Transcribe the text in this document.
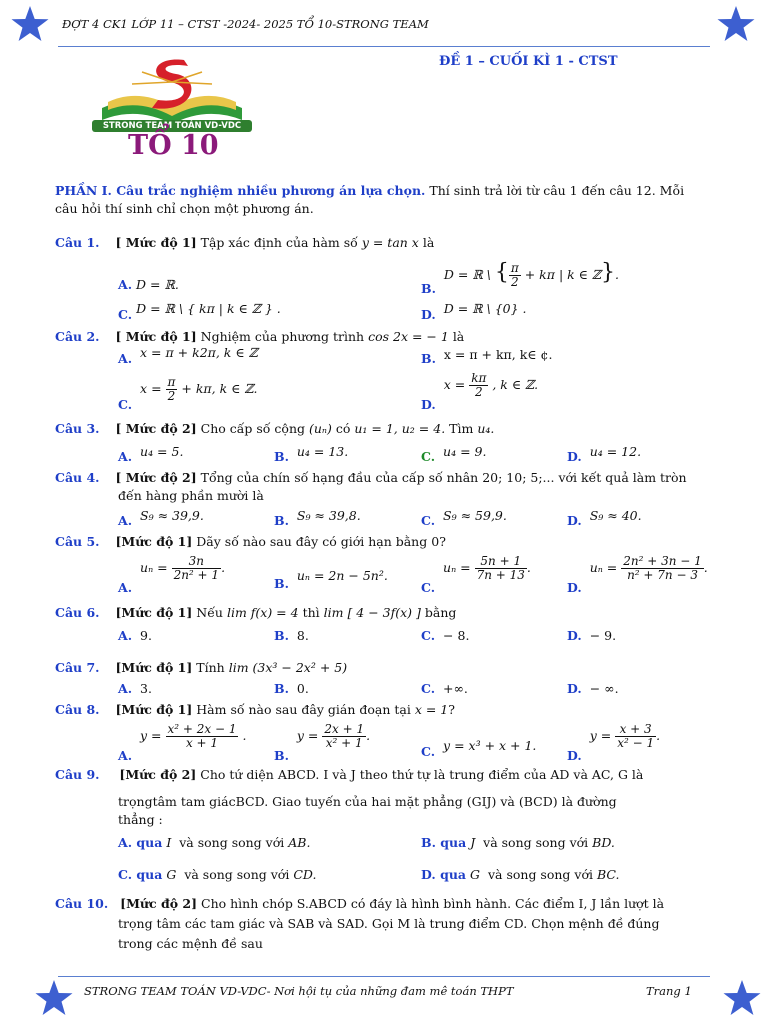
ĐỢT 4 CK1 LỚP 11 – CTST -2024- 2025 TỔ 10-STRONG TEAM
STRONG TEAM TOÁN VD-VDC
TỔ 10
ĐỀ 1 – CUỐI KÌ 1 - CTST
PHẦN I. Câu trắc nghiệm nhiều phương án lựa chọn. Thí sinh trả lời từ câu 1 đến câu 12. Mỗi
câu hỏi thí sinh chỉ chọn một phương án.
Câu 1. [ Mức độ 1] Tập xác định của hàm số y = tan x là
A. D = ℝ.	B.  D = ℝ \ { $\frac{\pi}{2} + k\pi$ | k ∈ ℤ}.
C. D = ℝ \ { kπ | k ∈ ℤ } .	D. D = ℝ \ {0} .
Câu 2. [ Mức độ 1] Nghiệm của phương trình cos 2x = − 1 là
A. x = π + k2π, k ∈ ℤ	B. x = π + kπ, k∈ ¢.
C.  $x = \frac{\pi}{2} + k\pi$, k ∈ ℤ.
D.  $x = \frac{k\pi}{2}$ , k ∈ ℤ.
Câu 3. [ Mức độ 2] Cho cấp số cộng (uₙ) có u₁ = 1, u₂ = 4. Tìm u₄.
A. u₄ = 5.	B. u₄ = 13.	C. u₄ = 9.	D. u₄ = 12.
Câu 4. [ Mức độ 2] Tổng của chín số hạng đầu của cấp số nhân 20; 10; 5;... với kết quả làm tròn
đến hàng phần mười là
A. S₉ ≈ 39,9.	B. S₉ ≈ 39,8.	C. S₉ ≈ 59,9.	D. S₉ ≈ 40.
Câu 5. [Mức độ 1] Dãy số nào sau đây có giới hạn bằng 0?
A.  $u_n = \frac{3n}{\text{2n² + 1}}$ .
B.  uₙ = 2n − 5n².
C.  $u_n = \frac{5n + 1}{7n + 13}$ .
D.  $u_n = \frac{\text{2n² + 3n − 1}}{\text{n² + 7n − 3}}$ .
Câu 6. [Mức độ 1] Nếu lim f(x) = 4 thì lim [ 4 − 3f(x) ] bằng
A. 9.	B. 8.	C. − 8.	D. − 9.
Câu 7. [Mức độ 1] Tính lim (3x³ − 2x² + 5)
A. 3.	B. 0.	C. +∞.	D. − ∞.
Câu 8. [Mức độ 1] Hàm số nào sau đây gián đoạn tại x = 1?
A.  $y = \frac{\text{x² + 2x − 1}}{x + 1}$ .
B.  $y = \frac{2x + 1}{\text{x² + 1}}$ .
C. y = x³ + x + 1.
D.  $y = \frac{x + 3}{\text{x² − 1}}$ .
Câu 9. [Mức độ 2] Cho tứ diện ABCD. I và J theo thứ tự là trung điểm của AD và AC, G là
trọngtâm tam giácBCD. Giao tuyến của hai mặt phẳng (GIJ) và (BCD) là đường
thẳng :
A. qua I và song song với AB.	B. qua J và song song với BD.
C. qua G và song song với CD.	D. qua G và song song với BC.
Câu 10. [Mức độ 2] Cho hình chóp S.ABCD có đáy là hình bình hành. Các điểm I, J lần lượt là
trọng tâm các tam giác và SAB và SAD. Gọi M là trung điểm CD. Chọn mệnh đề đúng
trong các mệnh đề sau
STRONG TEAM TOÁN VD-VDC- Nơi hội tụ của những đam mê toán THPT	Trang 1
